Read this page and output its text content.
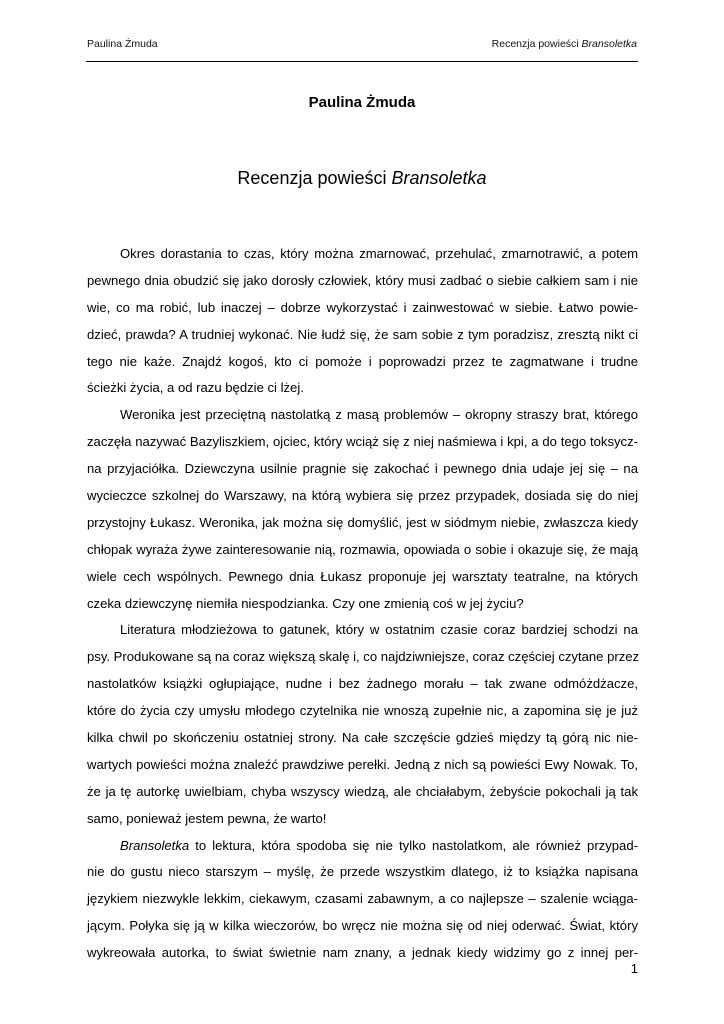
Paulina Żmuda	Recenzja powieści Bransoletka
Paulina Żmuda
Recenzja powieści Bransoletka
Okres dorastania to czas, który można zmarnować, przehulać, zmarnotrawić, a potem
pewnego dnia obudzić się jako dorosły człowiek, który musi zadbać o siebie całkiem sam i nie
wie, co ma robić, lub inaczej – dobrze wykorzystać i zainwestować w siebie. Łatwo powie-
dzieć, prawda? A trudniej wykonać. Nie łudź się, że sam sobie z tym poradzisz, zresztą nikt ci
tego nie każe. Znajdź kogoś, kto ci pomoże i poprowadzi przez te zagmatwane i trudne
ścieżki życia, a od razu będzie ci lżej.
Weronika jest przeciętną nastolatką z masą problemów – okropny straszy brat, którego
zaczęła nazywać Bazyliszkiem, ojciec, który wciąż się z niej naśmiewa i kpi, a do tego toksycz-
na przyjaciółka. Dziewczyna usilnie pragnie się zakochać i pewnego dnia udaje jej się – na
wycieczce szkolnej do Warszawy, na którą wybiera się przez przypadek, dosiada się do niej
przystojny Łukasz. Weronika, jak można się domyślić, jest w siódmym niebie, zwłaszcza kiedy
chłopak wyraża żywe zainteresowanie nią, rozmawia, opowiada o sobie i okazuje się, że mają
wiele cech wspólnych. Pewnego dnia Łukasz proponuje jej warsztaty teatralne, na których
czeka dziewczynę niemiła niespodzianka. Czy one zmienią coś w jej życiu?
Literatura młodzieżowa to gatunek, który w ostatnim czasie coraz bardziej schodzi na
psy. Produkowane są na coraz większą skalę i, co najdziwniejsze, coraz częściej czytane przez
nastolatków książki ogłupiające, nudne i bez żadnego morału – tak zwane odmóżdżacze,
które do życia czy umysłu młodego czytelnika nie wnoszą zupełnie nic, a zapomina się je już
kilka chwil po skończeniu ostatniej strony. Na całe szczęście gdzieś między tą górą nic nie-
wartych powieści można znaleźć prawdziwe perełki. Jedną z nich są powieści Ewy Nowak. To,
że ja tę autorkę uwielbiam, chyba wszyscy wiedzą, ale chciałabym, żebyście pokochali ją tak
samo, ponieważ jestem pewna, że warto!
Bransoletka to lektura, która spodoba się nie tylko nastolatkom, ale również przypad-
nie do gustu nieco starszym – myślę, że przede wszystkim dlatego, iż to książka napisana
językiem niezwykle lekkim, ciekawym, czasami zabawnym, a co najlepsze – szalenie wciąga-
jącym. Połyka się ją w kilka wieczorów, bo wręcz nie można się od niej oderwać. Świat, który
wykreowała autorka, to świat świetnie nam znany, a jednak kiedy widzimy go z innej per-
1
